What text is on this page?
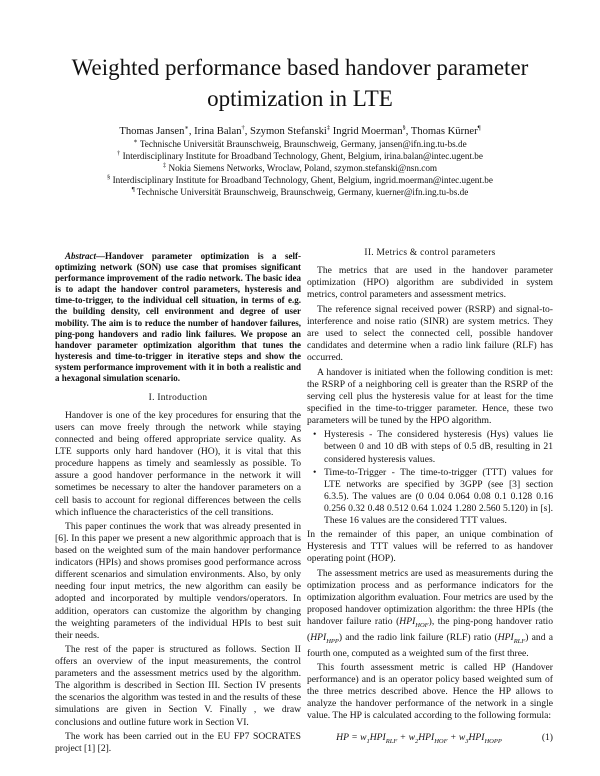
Weighted performance based handover parameter optimization in LTE
Thomas Jansen∗, Irina Balan†, Szymon Stefanski‡ Ingrid Moerman§, Thomas Kürner¶
∗ Technische Universität Braunschweig, Braunschweig, Germany, jansen@ifn.ing.tu-bs.de
† Interdisciplinary Institute for Broadband Technology, Ghent, Belgium, irina.balan@intec.ugent.be
‡ Nokia Siemens Networks, Wroclaw, Poland, szymon.stefanski@nsn.com
§ Interdisciplinary Institute for Broadband Technology, Ghent, Belgium, ingrid.moerman@intec.ugent.be
¶ Technische Universität Braunschweig, Braunschweig, Germany, kuerner@ifn.ing.tu-bs.de

Abstract—Handover parameter optimization is a self-optimizing network (SON) use case that promises significant performance improvement of the radio network. The basic idea is to adapt the handover control parameters, hysteresis and time-to-trigger, to the individual cell situation, in terms of e.g. the building density, cell environment and degree of user mobility. The aim is to reduce the number of handover failures, ping-pong handovers and radio link failures. We propose an handover parameter optimization algorithm that tunes the hysteresis and time-to-trigger in iterative steps and show the system performance improvement with it in both a realistic and a hexagonal simulation scenario.

I. Introduction

Handover is one of the key procedures for ensuring that the users can move freely through the network while staying connected and being offered appropriate service quality. As LTE supports only hard handover (HO), it is vital that this procedure happens as timely and seamlessly as possible. To assure a good handover performance in the network it will sometimes be necessary to alter the handover parameters on a cell basis to account for regional differences between the cells which influence the characteristics of the cell transitions.

This paper continues the work that was already presented in [6]. In this paper we present a new algorithmic approach that is based on the weighted sum of the main handover performance indicators (HPIs) and shows promises good performance across different scenarios and simulation environments. Also, by only needing four input metrics, the new algorithm can easily be adopted and incorporated by multiple vendors/operators. In addition, operators can customize the algorithm by changing the weighting parameters of the individual HPIs to best suit their needs.

The rest of the paper is structured as follows. Section II offers an overview of the input measurements, the control parameters and the assessment metrics used by the algorithm. The algorithm is described in Section III. Section IV presents the scenarios the algorithm was tested in and the results of these simulations are given in Section V. Finally , we draw conclusions and outline future work in Section VI.

The work has been carried out in the EU FP7 SOCRATES project [1] [2].

II. Metrics & control parameters

The metrics that are used in the handover parameter optimization (HPO) algorithm are subdivided in system metrics, control parameters and assessment metrics.

The reference signal received power (RSRP) and signal-to-interference and noise ratio (SINR) are system metrics. They are used to select the connected cell, possible handover candidates and determine when a radio link failure (RLF) has occurred.

A handover is initiated when the following condition is met: the RSRP of a neighboring cell is greater than the RSRP of the serving cell plus the hysteresis value for at least for the time specified in the time-to-trigger parameter. Hence, these two parameters will be tuned by the HPO algorithm.

• Hysteresis - The considered hysteresis (Hys) values lie between 0 and 10 dB with steps of 0.5 dB, resulting in 21 considered hysteresis values.
• Time-to-Trigger - The time-to-trigger (TTT) values for LTE networks are specified by 3GPP (see [3] section 6.3.5). The values are (0 0.04 0.064 0.08 0.1 0.128 0.16 0.256 0.32 0.48 0.512 0.64 1.024 1.280 2.560 5.120) in [s]. These 16 values are the considered TTT values.

In the remainder of this paper, an unique combination of Hysteresis and TTT values will be referred to as handover operating point (HOP).

The assessment metrics are used as measurements during the optimization process and as performance indicators for the optimization algorithm evaluation. Four metrics are used by the proposed handover optimization algorithm: the three HPIs (the handover failure ratio $(HPI_{HOF})$, the ping-pong handover ratio $(HPI_{HPP})$ and the radio link failure (RLF) ratio $(HPI_{RLF})$ and a fourth one, computed as a weighted sum of the first three.

This fourth assessment metric is called HP (Handover performance) and is an operator policy based weighted sum of the three metrics described above. Hence the HP allows to analyze the handover performance of the network in a single value. The HP is calculated according to the following formula:

HP = $w_1HPI_{RLF} + w_2HPI_{HOF} + w_3HPI_{HOPP}$	(1)
